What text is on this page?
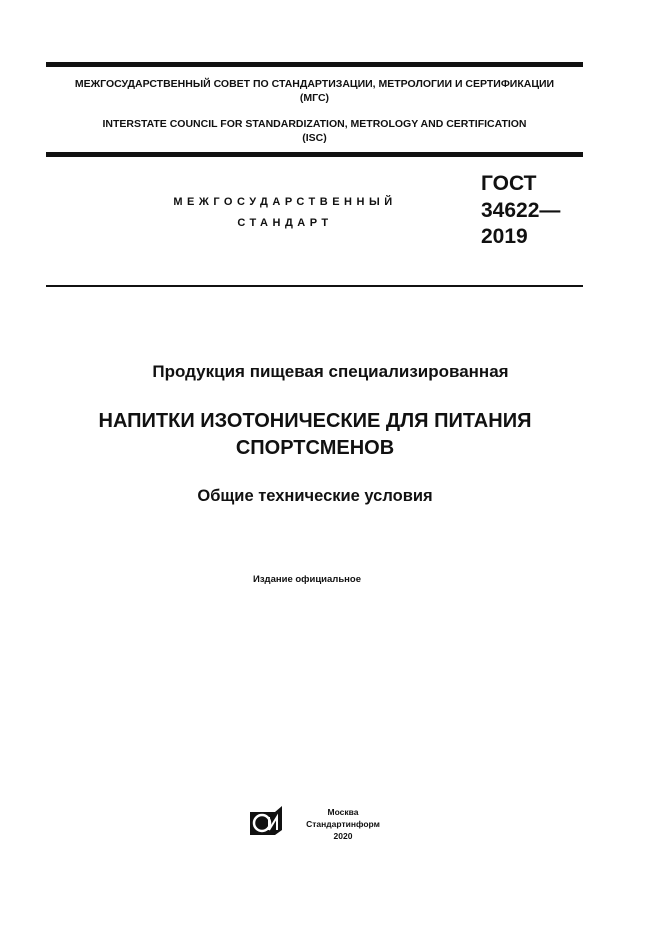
МЕЖГОСУДАРСТВЕННЫЙ СОВЕТ ПО СТАНДАРТИЗАЦИИ, МЕТРОЛОГИИ И СЕРТИФИКАЦИИ
(МГС)
INTERSTATE COUNCIL FOR STANDARDIZATION, METROLOGY AND CERTIFICATION
(ISC)
МЕЖГОСУДАРСТВЕННЫЙ
СТАНДАРТ
ГОСТ
34622—
2019
Продукция пищевая специализированная
НАПИТКИ ИЗОТОНИЧЕСКИЕ ДЛЯ ПИТАНИЯ
СПОРТСМЕНОВ
Общие технические условия
Издание официальное
Москва
Стандартинформ
2020
